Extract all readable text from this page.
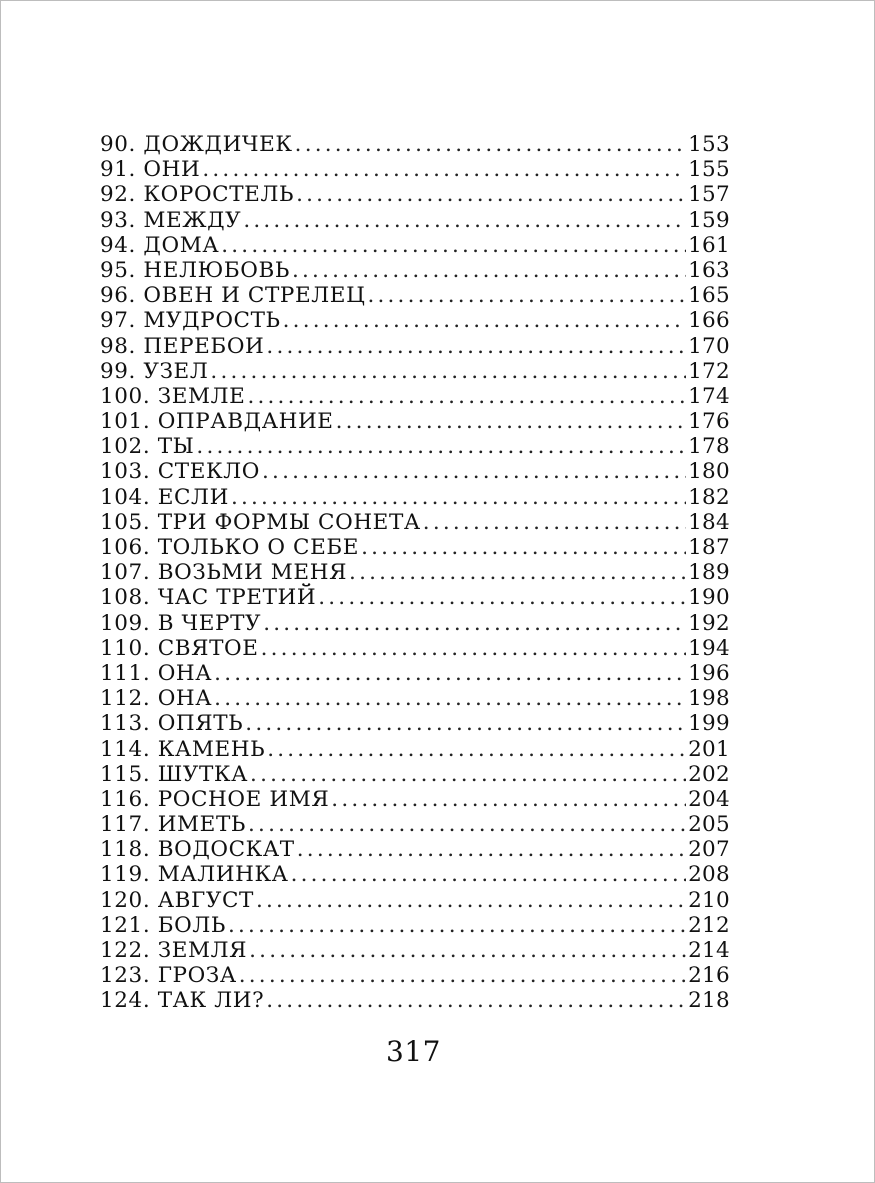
90. ДОЖДИЧЕК .....	153
91. ОНИ .....	155
92. КОРОСТЕЛЬ .....	157
93. МЕЖДУ .....	159
94. ДОМА .....	161
95. НЕЛЮБОВЬ .....	163
96. ОВЕН И СТРЕЛЕЦ .....	165
97. МУДРОСТЬ .....	166
98. ПЕРЕБОИ .....	170
99. УЗЕЛ .....	172
100. ЗЕМЛЕ .....	174
101. ОПРАВДАНИЕ .....	176
102. ТЫ .....	178
103. СТЕКЛО .....	180
104. ЕСЛИ .....	182
105. ТРИ ФОРМЫ СОНЕТА .....	184
106. ТОЛЬКО О СЕБЕ .....	187
107. ВОЗЬМИ МЕНЯ .....	189
108. ЧАС ТРЕТИЙ .....	190
109. В ЧЕРТУ .....	192
110. СВЯТОЕ .....	194
111. ОНА .....	196
112. ОНА .....	198
113. ОПЯТЬ .....	199
114. КАМЕНЬ .....	201
115. ШУТКА .....	202
116. РОСНОЕ ИМЯ .....	204
117. ИМЕТЬ .....	205
118. ВОДОСКАТ .....	207
119. МАЛИНКА .....	208
120. АВГУСТ .....	210
121. БОЛЬ .....	212
122. ЗЕМЛЯ .....	214
123. ГРОЗА .....	216
124. ТАК ЛИ? .....	218
317
